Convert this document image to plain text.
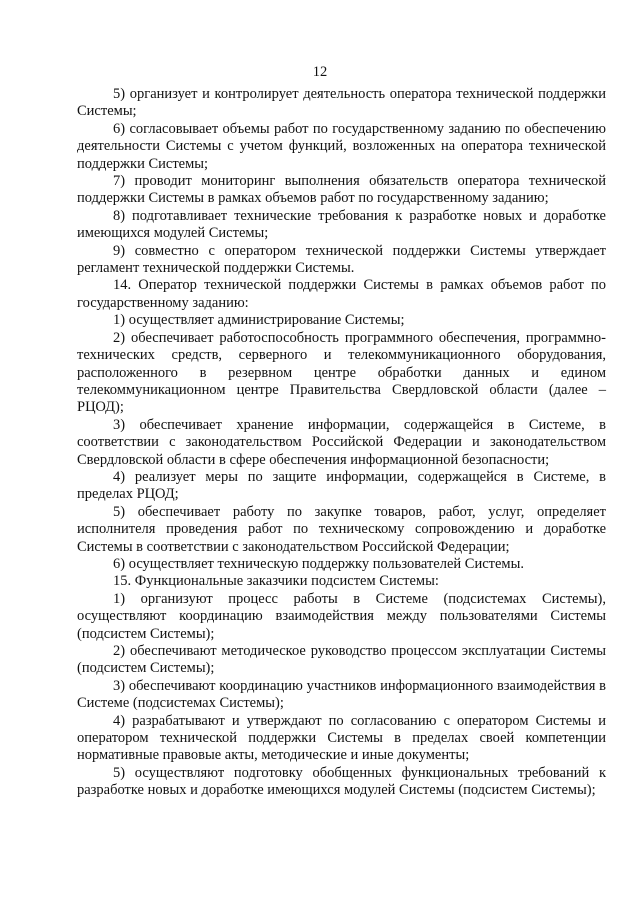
12

5) организует и контролирует деятельность оператора технической поддержки Системы;

6) согласовывает объемы работ по государственному заданию по обеспечению деятельности Системы с учетом функций, возложенных на оператора технической поддержки Системы;

7) проводит мониторинг выполнения обязательств оператора технической поддержки Системы в рамках объемов работ по государственному заданию;

8) подготавливает технические требования к разработке новых и доработке имеющихся модулей Системы;

9) совместно с оператором технической поддержки Системы утверждает регламент технической поддержки Системы.

14. Оператор технической поддержки Системы в рамках объемов работ по государственному заданию:

1) осуществляет администрирование Системы;

2) обеспечивает работоспособность программного обеспечения, программно-технических средств, серверного и телекоммуникационного оборудования, расположенного в резервном центре обработки данных и едином телекоммуникационном центре Правительства Свердловской области (далее – РЦОД);

3) обеспечивает хранение информации, содержащейся в Системе, в соответствии с законодательством Российской Федерации и законодательством Свердловской области в сфере обеспечения информационной безопасности;

4) реализует меры по защите информации, содержащейся в Системе, в пределах РЦОД;

5) обеспечивает работу по закупке товаров, работ, услуг, определяет исполнителя проведения работ по техническому сопровождению и доработке Системы в соответствии с законодательством Российской Федерации;

6) осуществляет техническую поддержку пользователей Системы.

15. Функциональные заказчики подсистем Системы:

1) организуют процесс работы в Системе (подсистемах Системы), осуществляют координацию взаимодействия между пользователями Системы (подсистем Системы);

2) обеспечивают методическое руководство процессом эксплуатации Системы (подсистем Системы);

3) обеспечивают координацию участников информационного взаимодействия в Системе (подсистемах Системы);

4) разрабатывают и утверждают по согласованию с оператором Системы и оператором технической поддержки Системы в пределах своей компетенции нормативные правовые акты, методические и иные документы;

5) осуществляют подготовку обобщенных функциональных требований к разработке новых и доработке имеющихся модулей Системы (подсистем Системы);
